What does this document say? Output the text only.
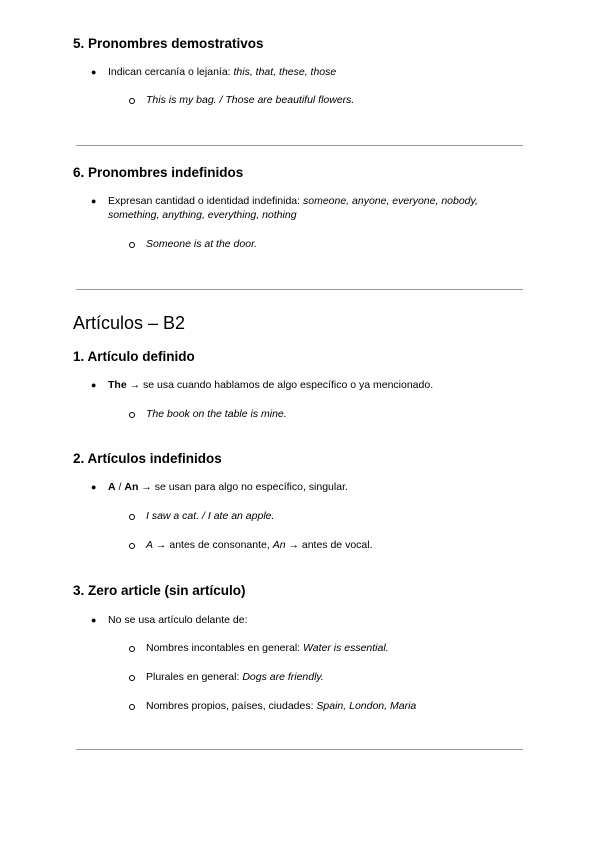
5. Pronombres demostrativos
● Indican cercanía o lejanía: this, that, these, those
This is my bag. / Those are beautiful flowers.
6. Pronombres indefinidos
● Expresan cantidad o identidad indefinida: someone, anyone, everyone, nobody,
something, anything, everything, nothing
Someone is at the door.
Artículos – B2
1. Artículo definido
● The → se usa cuando hablamos de algo específico o ya mencionado.
The book on the table is mine.
2. Artículos indefinidos
● A / An → se usan para algo no específico, singular.
I saw a cat. / I ate an apple.
A → antes de consonante, An → antes de vocal.
3. Zero article (sin artículo)
● No se usa artículo delante de:
Nombres incontables en general: Water is essential.
Plurales en general: Dogs are friendly.
Nombres propios, países, ciudades: Spain, London, Maria
